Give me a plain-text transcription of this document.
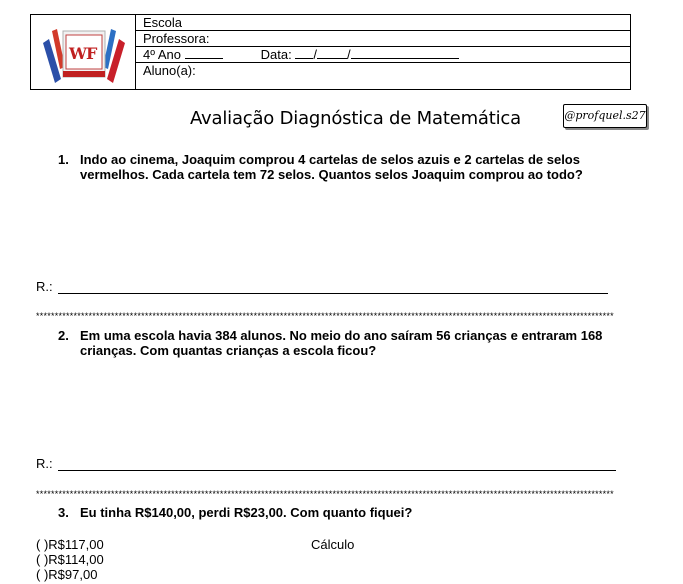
W F
Escola
Professora:
4º Ano	Data: / /
Aluno(a):
Avaliação Diagnóstica de Matemática	@profquel.s27
1. Indo ao cinema, Joaquim comprou 4 cartelas de selos azuis e 2 cartelas de selos
vermelhos. Cada cartela tem 72 selos. Quantos selos Joaquim comprou ao todo?
R.:
**********************************************************************************************************************************************************
2. Em uma escola havia 384 alunos. No meio do ano saíram 56 crianças e entraram 168
crianças. Com quantas crianças a escola ficou?
R.:
**********************************************************************************************************************************************************
3. Eu tinha R$140,00, perdi R$23,00. Com quanto fiquei?
( )R$117,00
( )R$114,00
( )R$97,00
Cálculo
